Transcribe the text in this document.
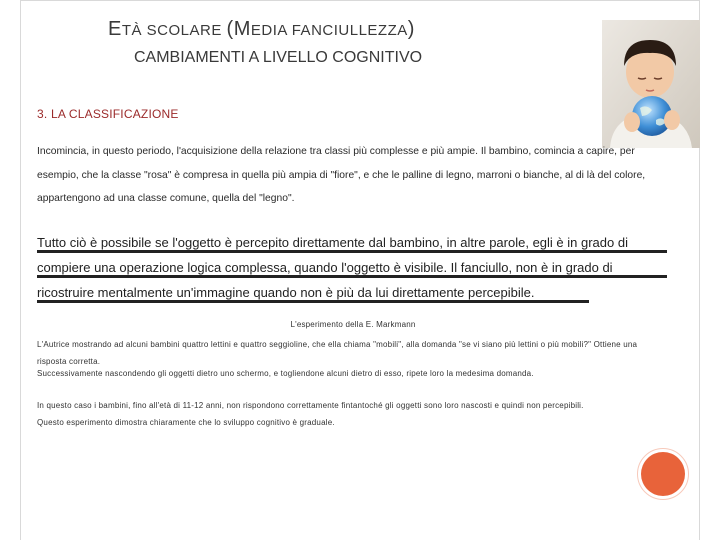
ETÀ SCOLARE (MEDIA FANCIULLEZZA)
CAMBIAMENTI A LIVELLO COGNITIVO
3. LA CLASSIFICAZIONE
Incomincia, in questo periodo, l'acquisizione della relazione tra classi più complesse e più ampie. Il bambino, comincia a capire, per esempio, che la classe "rosa" è compresa in quella più ampia di "fiore", e che le palline di legno, marroni o bianche, al di là del colore, appartengono ad una classe comune, quella del "legno".
Tutto ciò è possibile se l'oggetto è percepito direttamente dal bambino, in altre parole, egli è in grado di compiere una operazione logica complessa, quando l'oggetto è visibile. Il fanciullo, non è in grado di ricostruire mentalmente un'immagine quando non è più da lui direttamente percepibile.
L'esperimento della E. Markmann
L'Autrice mostrando ad alcuni bambini quattro lettini e quattro seggioline, che ella chiama "mobili", alla domanda "se vi siano più lettini o più mobili?" Ottiene una risposta corretta.
Successivamente nascondendo gli oggetti dietro uno schermo, e togliendone alcuni dietro di esso, ripete loro la medesima domanda.
In questo caso i bambini, fino all'età di 11-12 anni, non rispondono correttamente fintantoché gli oggetti sono loro nascosti e quindi non percepibili.
Questo esperimento dimostra chiaramente che lo sviluppo cognitivo è graduale.
